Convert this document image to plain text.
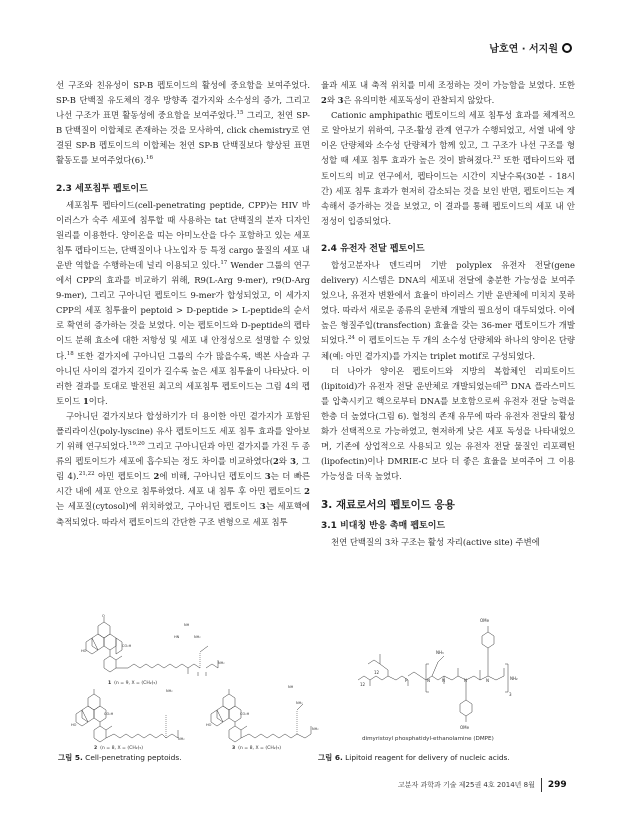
남호연 · 서지원

선 구조와 친유성이 SP-B 펩토이드의 활성에 중요함을 보여주었다. SP-B 단백질 유도체의 경우 방향족 곁가지와 소수성의 증가, 그리고 나선 구조가 표면 활동성에 중요함을 보여주었다.$^{15}$ 그리고, 천연 SP-B 단백질이 이합체로 존재하는 것을 모사하여, click chemistry로 연결된 SP-B 펩토이드의 이합체는 천연 SP-B 단백질보다 향상된 표면 활동도를 보여주었다(6).$^{16}$

2.3 세포침투 펩토이드

세포침투 펩타이드(cell-penetrating peptide, CPP)는 HIV 바이러스가 숙주 세포에 침투할 때 사용하는 tat 단백질의 분자 디자인 원리를 이용한다. 양이온을 띠는 아미노산을 다수 포함하고 있는 세포침투 펩타이드는, 단백질이나 나노입자 등 특정 cargo 물질의 세포 내 운반 역할을 수행하는데 널리 이용되고 있다.$^{17}$ Wender 그룹의 연구에서 CPP의 효과를 비교하기 위해, R9(L-Arg 9-mer), r9(D-Arg 9-mer), 그리고 구아니딘 펩토이드 9-mer가 합성되었고, 이 세가지 CPP의 세포 침투율이 peptoid > D-peptide > L-peptide의 순서로 확연히 증가하는 것을 보였다. 이는 펩토이드와 D-peptide의 펩타이드 분해 효소에 대한 저항성 및 세포 내 안정성으로 설명할 수 있었다.$^{18}$ 또한 곁가지에 구아니딘 그룹의 수가 많을수록, 백본 사슬과 구아니딘 사이의 곁가지 길이가 길수록 높은 세포 침투율이 나타났다. 이러한 결과를 토대로 발전된 최고의 세포침투 펩토이드는 그림 4의 펩토이드 1이다.

구아니딘 곁가지보다 합성하기가 더 용이한 아민 곁가지가 포함된 폴리라이신(poly-lyscine) 유사 펩토이드도 세포 침투 효과를 알아보기 위해 연구되었다.$^{19,20}$ 그리고 구아니딘과 아민 곁가지를 가진 두 종류의 펩토이드가 세포에 흡수되는 정도 차이를 비교하였다(2와 3, 그림 4).$^{21,22}$ 아민 펩토이드 2에 비해, 구아니딘 펩토이드 3는 더 빠른 시간 내에 세포 안으로 침투하였다. 세포 내 침투 후 아민 펩토이드 2는 세포질(cytosol)에 위치하였고, 구아니딘 펩토이드 3는 세포핵에 축적되었다. 따라서 펩토이드의 간단한 구조 변형으로 세포 침투

율과 세포 내 축적 위치를 미세 조정하는 것이 가능함을 보였다. 또한 2와 3은 유의미한 세포독성이 관찰되지 않았다.

Cationic amphipathic 펩토이드의 세포 침투성 효과를 체계적으로 알아보기 위하여, 구조-활성 관계 연구가 수행되었고, 서열 내에 양이온 단량체와 소수성 단량체가 함께 있고, 그 구조가 나선 구조를 형성할 때 세포 침투 효과가 높은 것이 밝혀졌다.$^{23}$ 또한 펩타이드와 펩토이드의 비교 연구에서, 펩타이드는 시간이 지날수록(30분 - 18시간) 세포 침투 효과가 현저히 감소되는 것을 보인 반면, 펩토이드는 계속해서 증가하는 것을 보였고, 이 결과를 통해 펩토이드의 세포 내 안정성이 입증되었다.

2.4 유전자 전달 펩토이드

합성고분자나 덴드리머 기반 polyplex 유전자 전달(gene delivery) 시스템은 DNA의 세포내 전달에 충분한 가능성을 보여주었으나, 유전자 변환에서 효율이 바이러스 기반 운반체에 미치지 못하였다. 따라서 새로운 종류의 운반체 개발의 필요성이 대두되었다. 이에 높은 형질주입(transfection) 효율을 갖는 36-mer 펩토이드가 개발되었다.$^{24}$ 이 펩토이드는 두 개의 소수성 단량체와 하나의 양이온 단량체(예: 아민 곁가지)를 가지는 triplet motif로 구성되었다.

더 나아가 양이온 펩토이드와 지방의 복합체인 리피토이드(lipitoid)가 유전자 전달 운반체로 개발되었는데$^{25}$ DNA 플라스미드를 압축시키고 핵으로부터 DNA를 보호함으로써 유전자 전달 능력을 한층 더 높였다(그림 6). 혈청의 존재 유무에 따라 유전자 전달의 활성화가 선택적으로 가능하였고, 현저하게 낮은 세포 독성을 나타내었으며, 기존에 상업적으로 사용되고 있는 유전자 전달 물질인 리포펙틴(lipofectin)이나 DMRIE-C 보다 더 좋은 효율을 보여주어 그 이용 가능성을 더욱 높였다.

3. 재료로서의 펩토이드 응용
3.1 비대칭 반응 촉매 펩토이드

천연 단백질의 3차 구조는 활성 자리(active site) 주변에

O
HO
CO₂H
NH
HN	NH₂
NH₂
NH₂
HO	HO
CO₂H	CO₂H
NH
NH₂
NH₂
NH₂
1 (n = 9, X = (CH₂)₅)
2 (n = 8, X = (CH₂)₅)	3 (n = 8, X = (CH₂)₅)
그림 5. Cell-penetrating peptoids.
OMe
OMe
NH₃
NH₂
3
12
12
P	N	N	N	N
dimyristoyl phosphatidyl-ethanolamine (DMPE)
그림 6. Lipitoid reagent for delivery of nucleic acids.
고분자 과학과 기술 제25권 4호 2014년 8월 299
